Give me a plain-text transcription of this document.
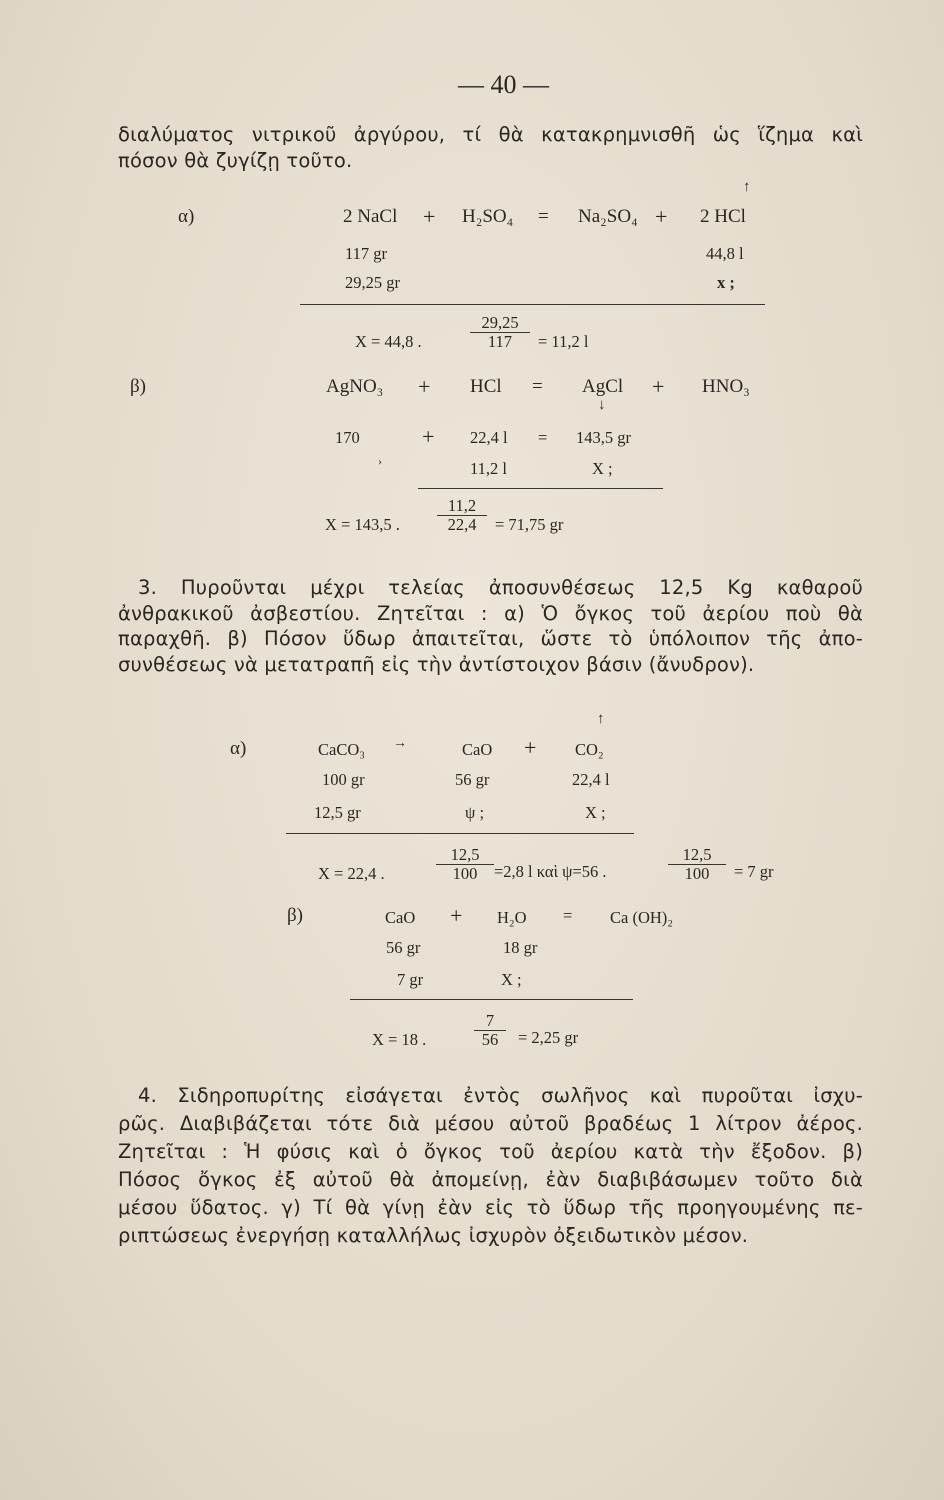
— 40 —
διαλύματος νιτρικοῦ ἀργύρου, τί θὰ κατακρημνισθῆ ὡς ἵζημα καὶ
πόσον θὰ ζυγίζῃ τοῦτο.
↑
α)	2 NaCl + H₂SO₄ = Na₂SO₄ + 2 HCl
117 gr	44,8 l
29,25 gr	x ;
X = 44,8 .	$\frac{29,25}{117} = 11,2$ l
β)	AgNO₃ + HCl = AgCl + HNO₃
↓
170	+ 22,4 l = 143,5 gr
›	11,2 l	X ;
X = 143,5 . $\frac{11,2}{22,4} = 71,75$ gr
3. Πυροῦνται μέχρι τελείας ἀποσυνθέσεως 12,5 Kg καθαροῦ
ἀνθρακικοῦ ἀσβεστίου. Ζητεῖται : α) Ὁ ὄγκος τοῦ ἀερίου ποὺ θὰ
παραχθῆ. β) Πόσον ὕδωρ ἀπαιτεῖται, ὥστε τὸ ὑπόλοιπον τῆς ἀπο-
συνθέσεως νὰ μετατραπῆ εἰς τὴν ἀντίστοιχον βάσιν (ἄνυδρον).
↑
α)	CaCO₃ →	CaO + CO₂
100 gr	56 gr	22,4 l
12,5 gr	ψ ;	X ;
X = 22,4 .	$\frac{12,5}{100} =2,8$ l καὶ ψ=56 .	$\frac{12,5}{100} = 7$ gr
β)	CaO + H₂O = Ca (OH)₂
56 gr	18 gr
7 gr	X ;
X = 18 .	$\frac{7}{56} = 2,25$ gr
4. Σιδηροπυρίτης εἰσάγεται ἐντὸς σωλῆνος καὶ πυροῦται ἰσχυ-
ρῶς. Διαβιβάζεται τότε διὰ μέσου αὐτοῦ βραδέως 1 λίτρον ἀέρος.
Ζητεῖται : Ἡ φύσις καὶ ὁ ὄγκος τοῦ ἀερίου κατὰ τὴν ἔξοδον. β)
Πόσος ὄγκος ἐξ αὐτοῦ θὰ ἀπομείνῃ, ἐὰν διαβιβάσωμεν τοῦτο διὰ
μέσου ὕδατος. γ) Τί θὰ γίνῃ ἐὰν εἰς τὸ ὕδωρ τῆς προηγουμένης πε-
ριπτώσεως ἐνεργήσῃ καταλλήλως ἰσχυρὸν ὀξειδωτικὸν μέσον.
